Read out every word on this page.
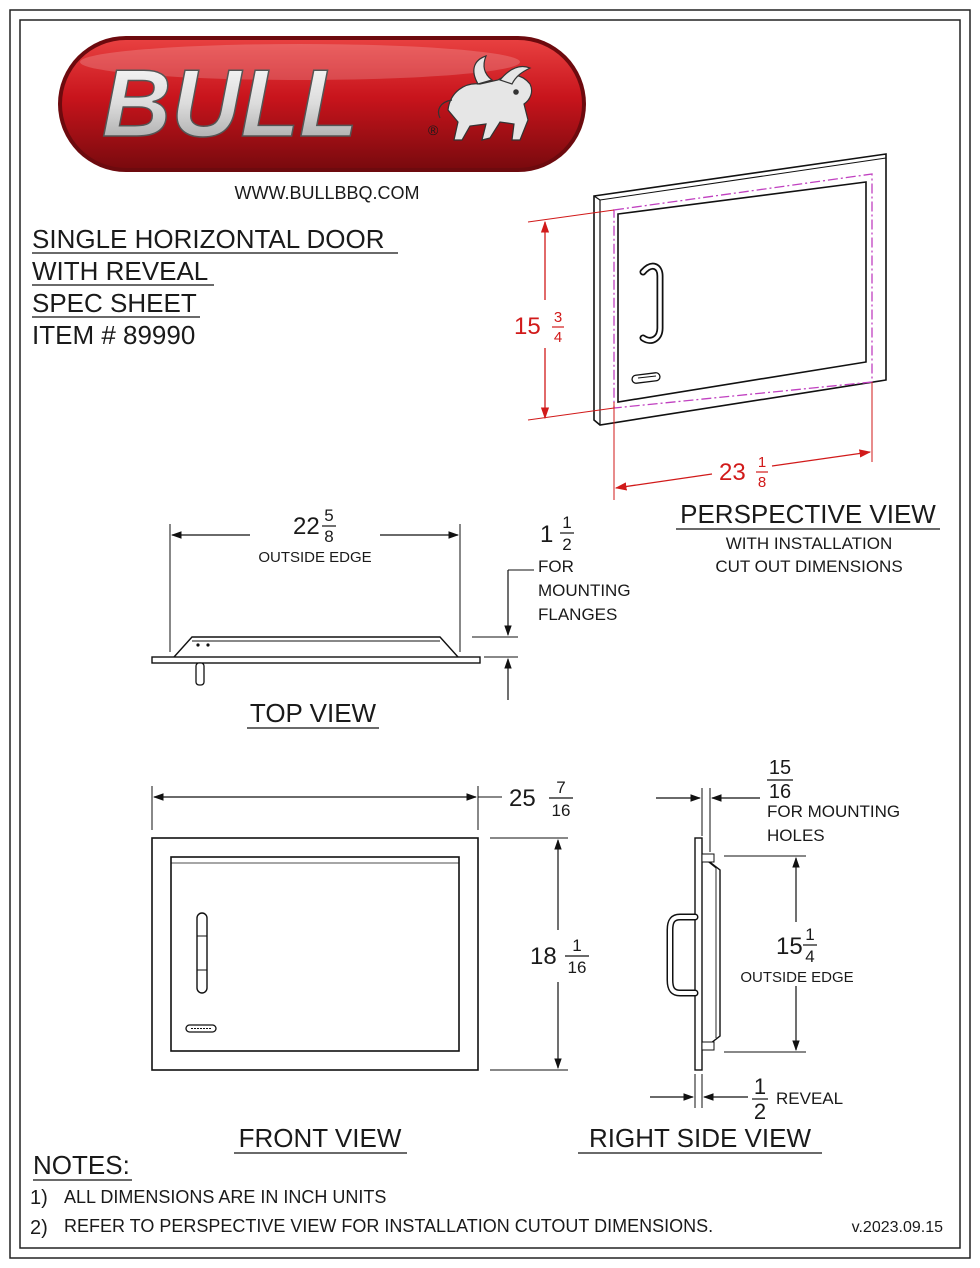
BULL	®
WWW.BULLBBQ.COM
SINGLE HORIZONTAL DOOR
WITH REVEAL
SPEC SHEET
ITEM # 89990	15 3
4
23 1
8
PERSPECTIVE VIEW
WITH INSTALLATION
CUT OUT DIMENSIONS
22 5
8
OUTSIDE EDGE
1 1
2
FOR
MOUNTING
FLANGES
TOP VIEW
25 7
16
18 1
16
FRONT VIEW
15
16
FOR MOUNTING
HOLES
15 1
4
OUTSIDE EDGE
1
2
REVEAL
RIGHT SIDE VIEW
NOTES:
1) ALL DIMENSIONS ARE IN INCH UNITS
2) REFER TO PERSPECTIVE VIEW FOR INSTALLATION CUTOUT DIMENSIONS.	v.2023.09.15
